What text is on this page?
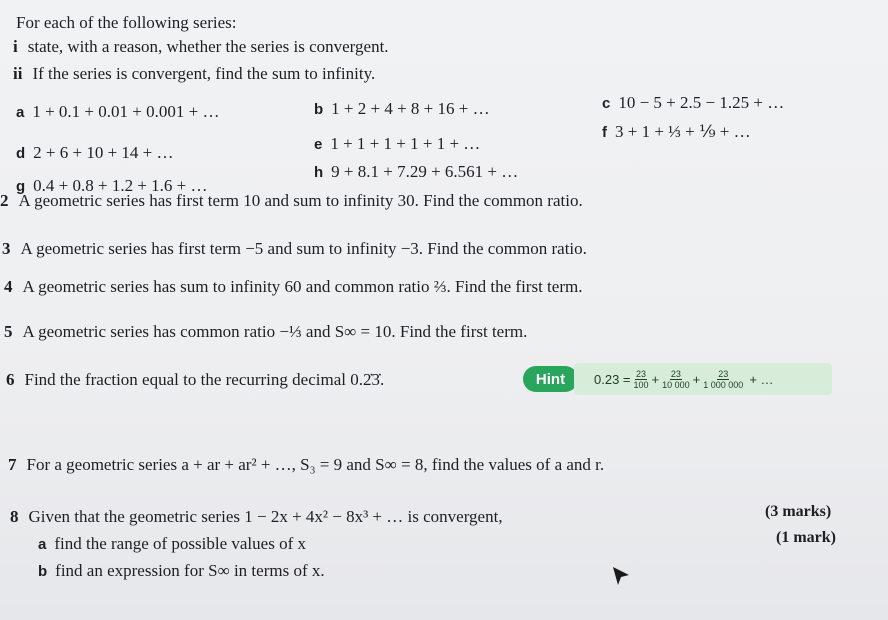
For each of the following series:
i state, with a reason, whether the series is convergent.
ii If the series is convergent, find the sum to infinity.
a 1 + 0.1 + 0.01 + 0.001 + …	b 1 + 2 + 4 + 8 + 16 + …	c 10 − 5 + 2.5 − 1.25 + …
d 2 + 6 + 10 + 14 + …	e 1 + 1 + 1 + 1 + 1 + …
f 3 + 1 + ⅓ + ⅑ + …
g 0.4 + 0.8 + 1.2 + 1.6 + …
h 9 + 8.1 + 7.29 + 6.561 + …
2 A geometric series has first term 10 and sum to infinity 30. Find the common ratio.
3 A geometric series has first term −5 and sum to infinity −3. Find the common ratio.
4 A geometric series has sum to infinity 60 and common ratio ⅔. Find the first term.
5 A geometric series has common ratio −⅓ and S∞ = 10. Find the first term.
6 Find the fraction equal to the recurring decimal 0.2̇3̇.	Hint	$0.23 = \frac{23}{100} + \frac{23}{10 000} + \frac{23}{1 000 000}$ + …
7 For a geometric series a + ar + ar² + …, S₃ = 9 and S∞ = 8, find the values of a and r.
8 Given that the geometric series 1 − 2x + 4x² − 8x³ + … is convergent,
a find the range of possible values of x
b find an expression for S∞ in terms of x.
(3 marks)
(1 mark)
